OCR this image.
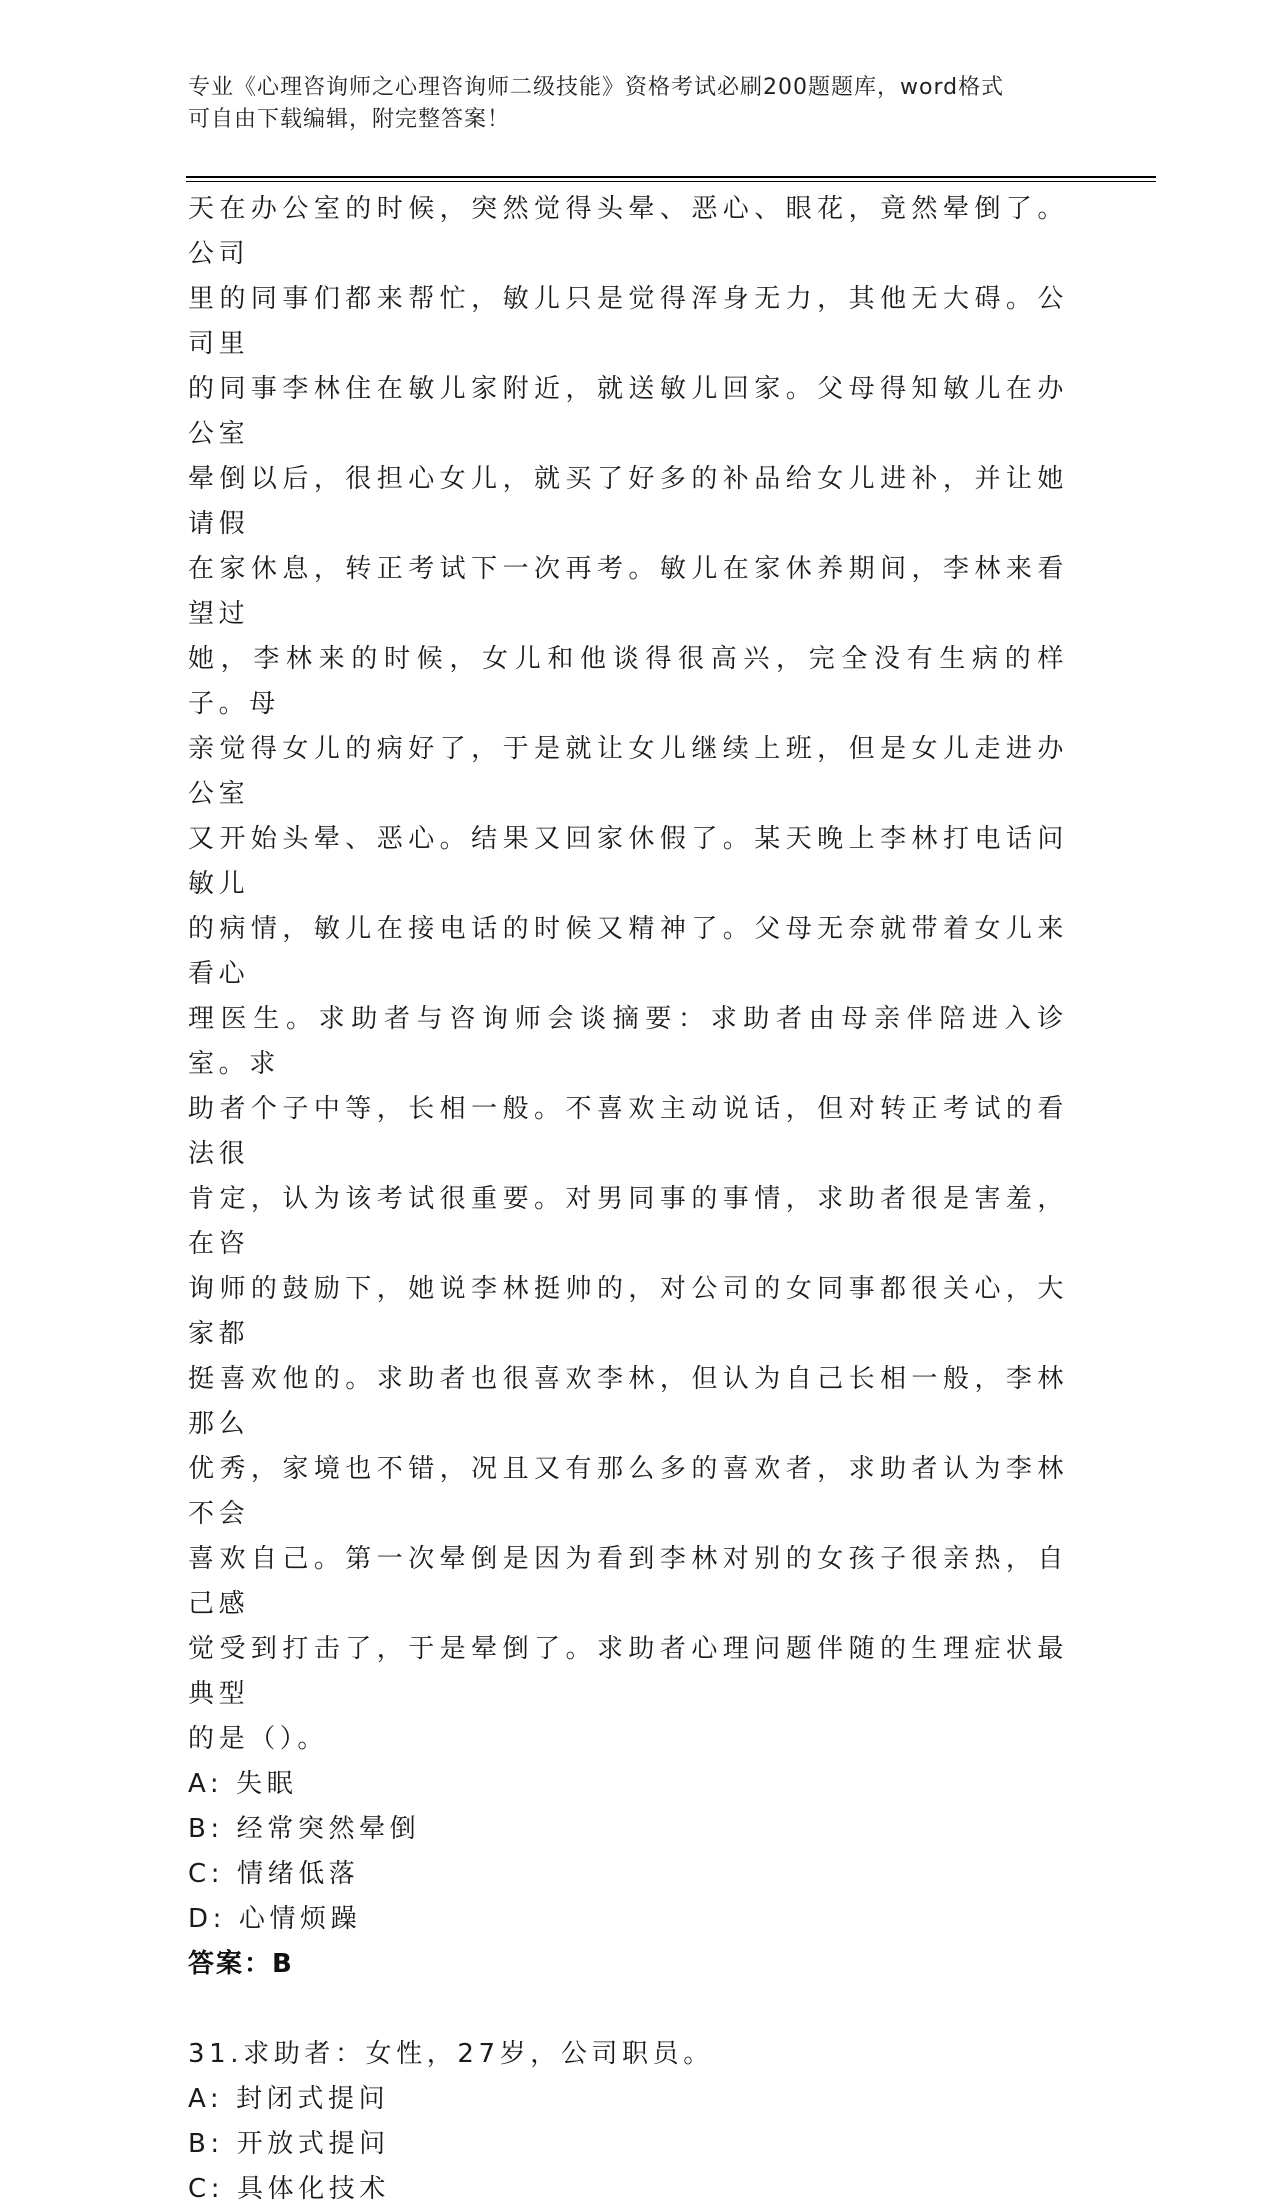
专业《心理咨询师之心理咨询师二级技能》资格考试必刷200题题库，word格式
可自由下载编辑，附完整答案！

天在办公室的时候，突然觉得头晕、恶心、眼花，竟然晕倒了。公司

里的同事们都来帮忙，敏儿只是觉得浑身无力，其他无大碍。公司里

的同事李林住在敏儿家附近，就送敏儿回家。父母得知敏儿在办公室

晕倒以后，很担心女儿，就买了好多的补品给女儿进补，并让她请假

在家休息，转正考试下一次再考。敏儿在家休养期间，李林来看望过

她，李林来的时候，女儿和他谈得很高兴，完全没有生病的样子。母

亲觉得女儿的病好了，于是就让女儿继续上班，但是女儿走进办公室

又开始头晕、恶心。结果又回家休假了。某天晚上李林打电话问敏儿

的病情，敏儿在接电话的时候又精神了。父母无奈就带着女儿来看心

理医生。求助者与咨询师会谈摘要：求助者由母亲伴陪进入诊室。求

助者个子中等，长相一般。不喜欢主动说话，但对转正考试的看法很

肯定，认为该考试很重要。对男同事的事情，求助者很是害羞，在咨

询师的鼓励下，她说李林挺帅的，对公司的女同事都很关心，大家都

挺喜欢他的。求助者也很喜欢李林，但认为自己长相一般，李林那么

优秀，家境也不错，况且又有那么多的喜欢者，求助者认为李林不会

喜欢自己。第一次晕倒是因为看到李林对别的女孩子很亲热，自己感

觉受到打击了，于是晕倒了。求助者心理问题伴随的生理症状最典型

的是（）。

A: 失眠

B: 经常突然晕倒

C: 情绪低落

D: 心情烦躁

答案：B

31.求助者：女性，27岁，公司职员。

A: 封闭式提问

B: 开放式提问

C: 具体化技术
